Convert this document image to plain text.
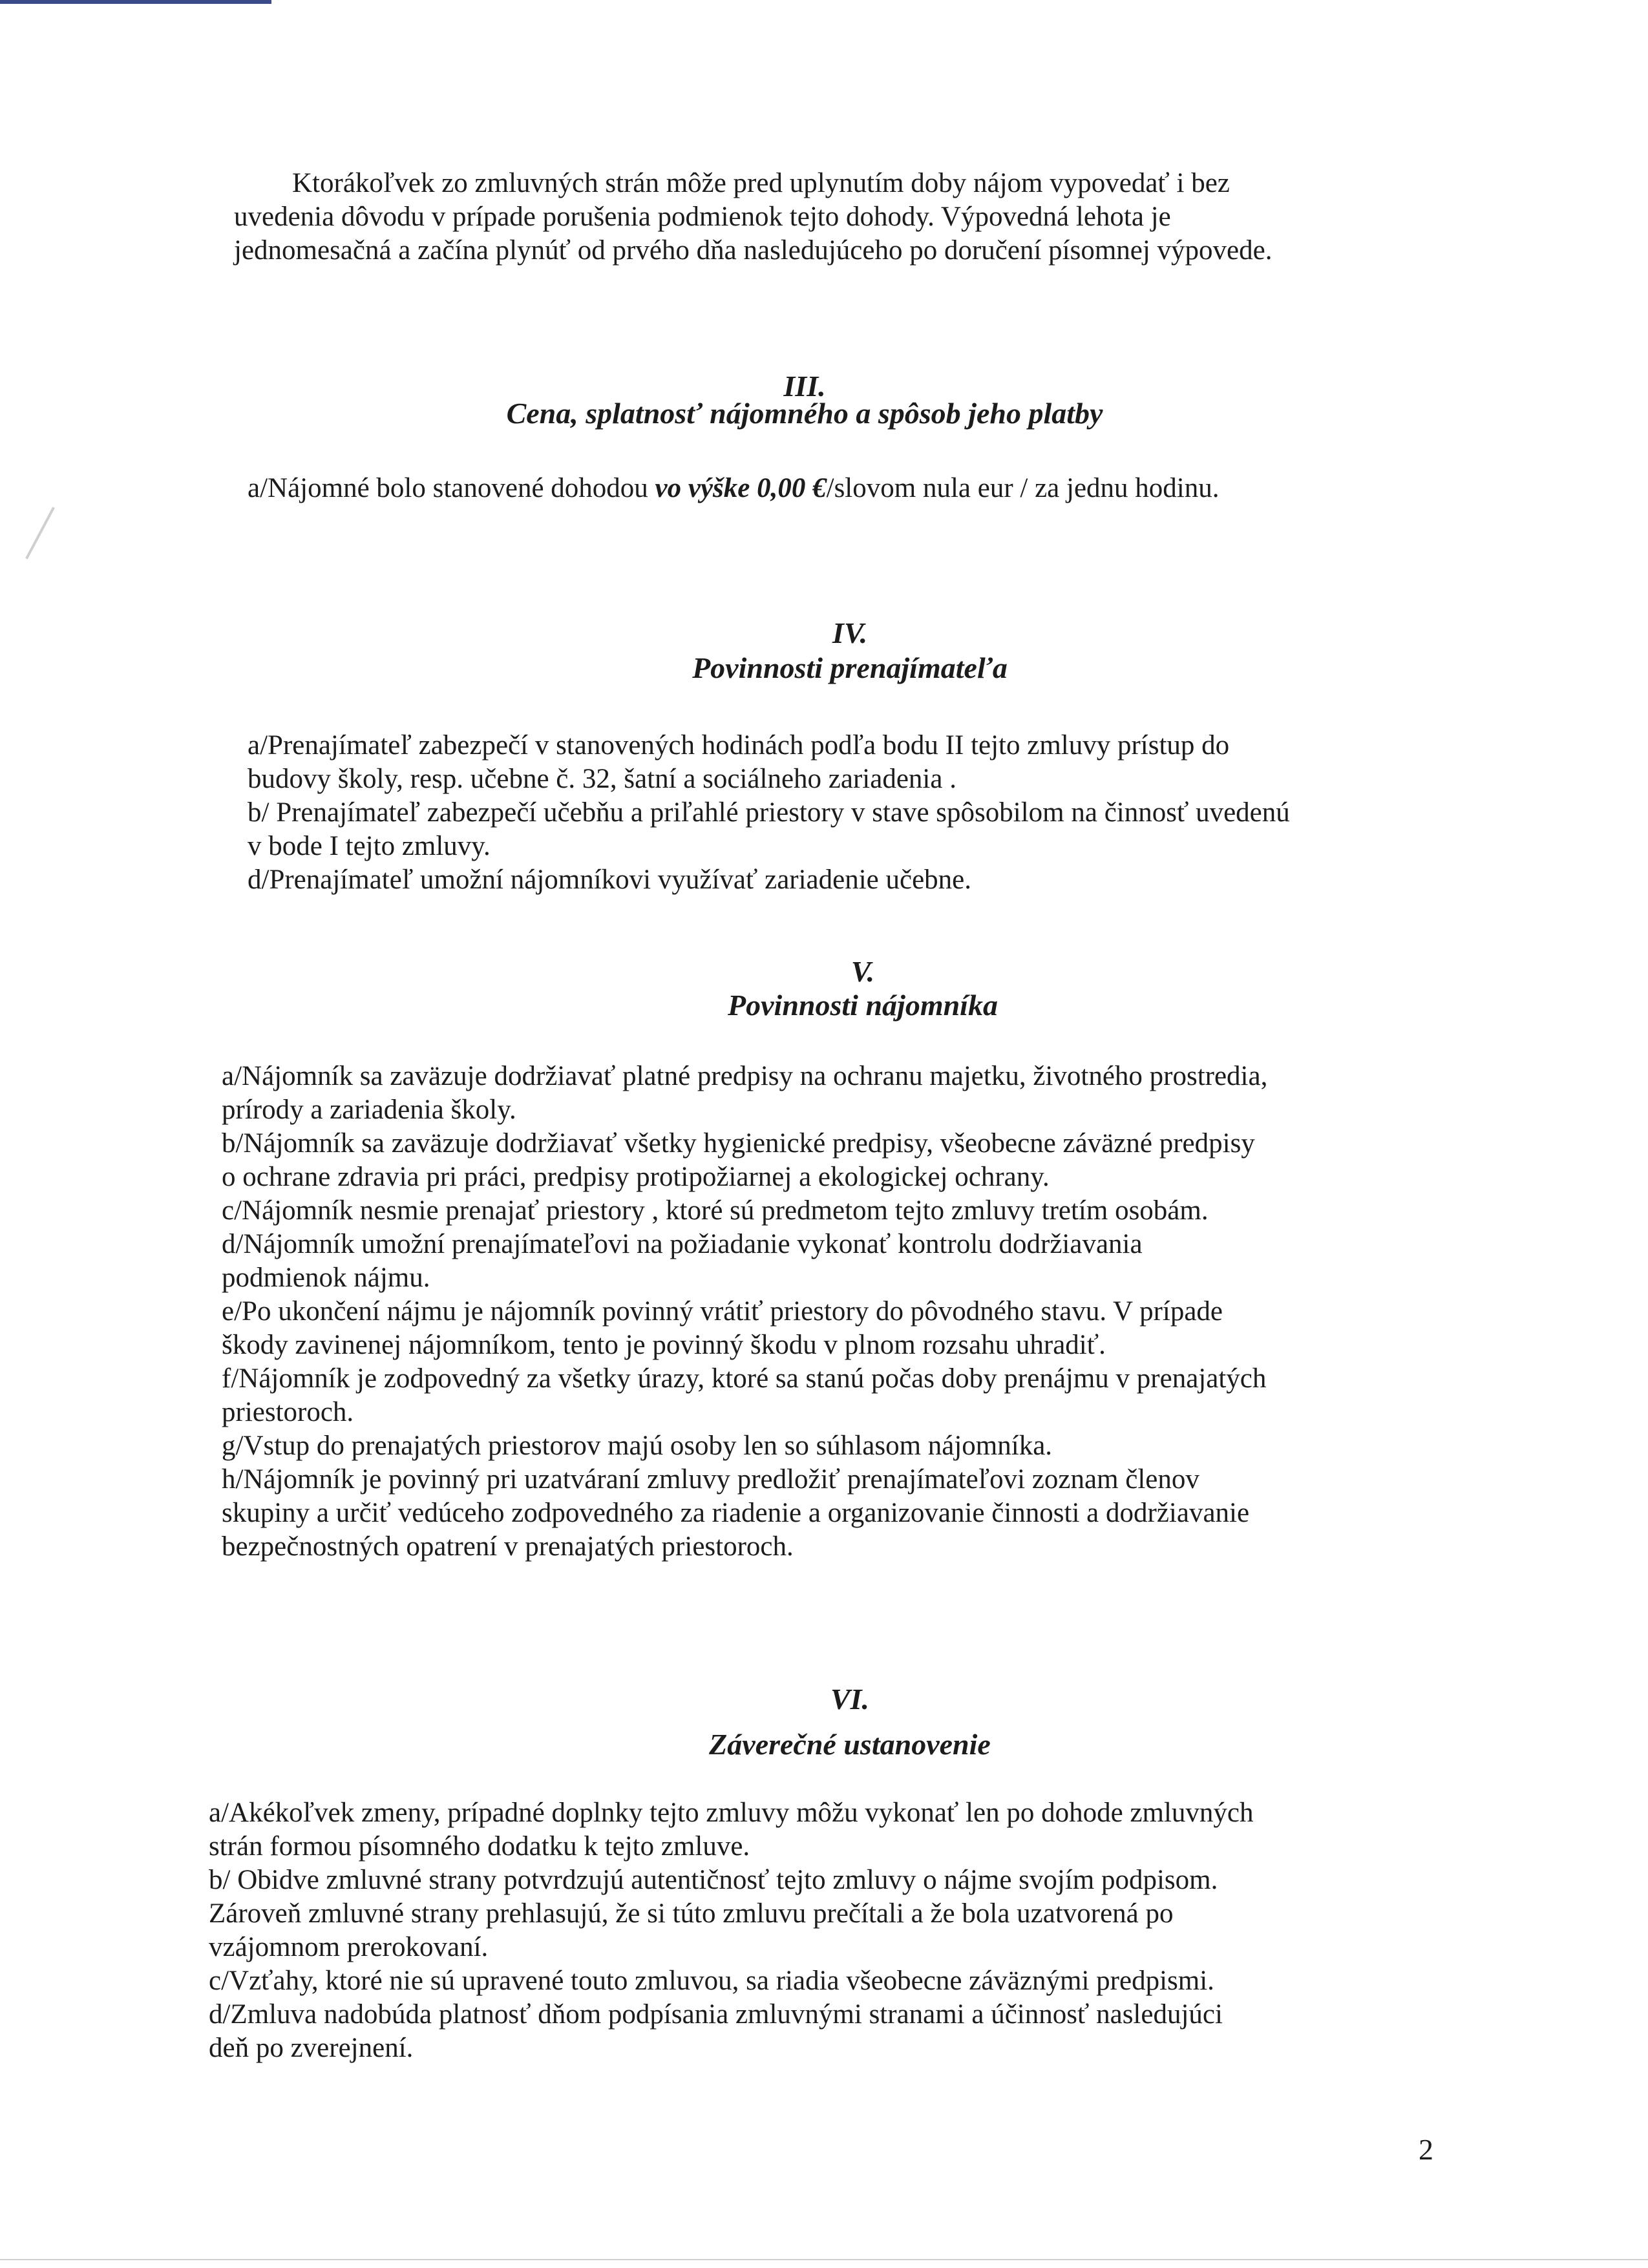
Ktorákoľvek zo zmluvných strán môže pred uplynutím doby nájom vypovedať i bez
uvedenia dôvodu v prípade porušenia podmienok tejto dohody. Výpovedná lehota je
jednomesačná a začína plynúť od prvého dňa nasledujúceho po doručení písomnej výpovede.
III.
Cena, splatnosť nájomného a spôsob jeho platby
a/Nájomné bolo stanovené dohodou vo výške 0,00 €/slovom nula eur / za jednu hodinu.
IV.
Povinnosti prenajímateľa
a/Prenajímateľ zabezpečí v stanovených hodinách podľa bodu II tejto zmluvy prístup do
budovy školy, resp. učebne č. 32, šatní a sociálneho zariadenia .
b/ Prenajímateľ zabezpečí učebňu a priľahlé priestory v stave spôsobilom na činnosť uvedenú
v bode I tejto zmluvy.
d/Prenajímateľ umožní nájomníkovi využívať zariadenie učebne.
V.
Povinnosti nájomníka
a/Nájomník sa zaväzuje dodržiavať platné predpisy na ochranu majetku, životného prostredia,
prírody a zariadenia školy.
b/Nájomník sa zaväzuje dodržiavať všetky hygienické predpisy, všeobecne záväzné predpisy
o ochrane zdravia pri práci, predpisy protipožiarnej a ekologickej ochrany.
c/Nájomník nesmie prenajať priestory , ktoré sú predmetom tejto zmluvy tretím osobám.
d/Nájomník umožní prenajímateľovi na požiadanie vykonať kontrolu dodržiavania
podmienok nájmu.
e/Po ukončení nájmu je nájomník povinný vrátiť priestory do pôvodného stavu. V prípade
škody zavinenej nájomníkom, tento je povinný škodu v plnom rozsahu uhradiť.
f/Nájomník je zodpovedný za všetky úrazy, ktoré sa stanú počas doby prenájmu v prenajatých
priestoroch.
g/Vstup do prenajatých priestorov majú osoby len so súhlasom nájomníka.
h/Nájomník je povinný pri uzatváraní zmluvy predložiť prenajímateľovi zoznam členov
skupiny a určiť vedúceho zodpovedného za riadenie a organizovanie činnosti a dodržiavanie
bezpečnostných opatrení v prenajatých priestoroch.
VI.
Záverečné ustanovenie
a/Akékoľvek zmeny, prípadné doplnky tejto zmluvy môžu vykonať len po dohode zmluvných
strán formou písomného dodatku k tejto zmluve.
b/ Obidve zmluvné strany potvrdzujú autentičnosť tejto zmluvy o nájme svojím podpisom.
Zároveň zmluvné strany prehlasujú, že si túto zmluvu prečítali a že bola uzatvorená po
vzájomnom prerokovaní.
c/Vzťahy, ktoré nie sú upravené touto zmluvou, sa riadia všeobecne záväznými predpismi.
d/Zmluva nadobúda platnosť dňom podpísania zmluvnými stranami a účinnosť nasledujúci
deň po zverejnení.
2
